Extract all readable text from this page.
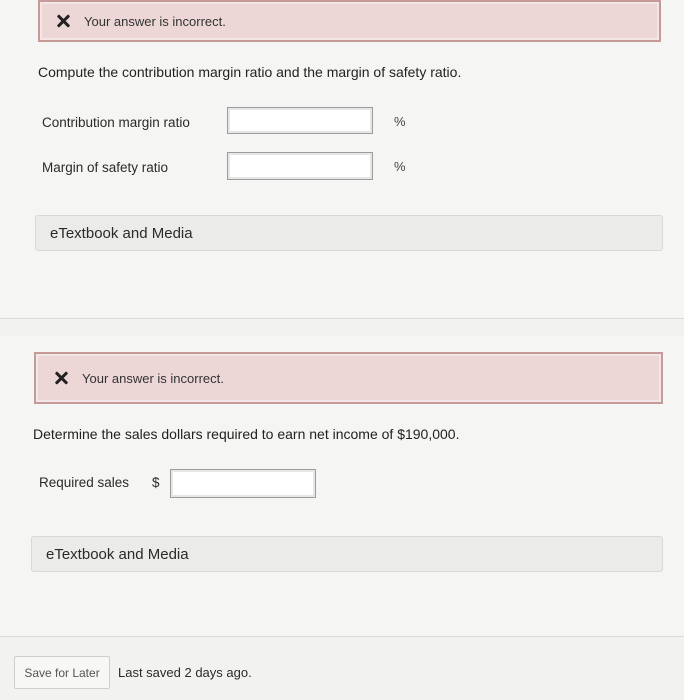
Your answer is incorrect.
Compute the contribution margin ratio and the margin of safety ratio.
Contribution margin ratio	%
Margin of safety ratio	%
eTextbook and Media
Your answer is incorrect.
Determine the sales dollars required to earn net income of $190,000.
Required sales $
eTextbook and Media
Save for Later	Last saved 2 days ago.
